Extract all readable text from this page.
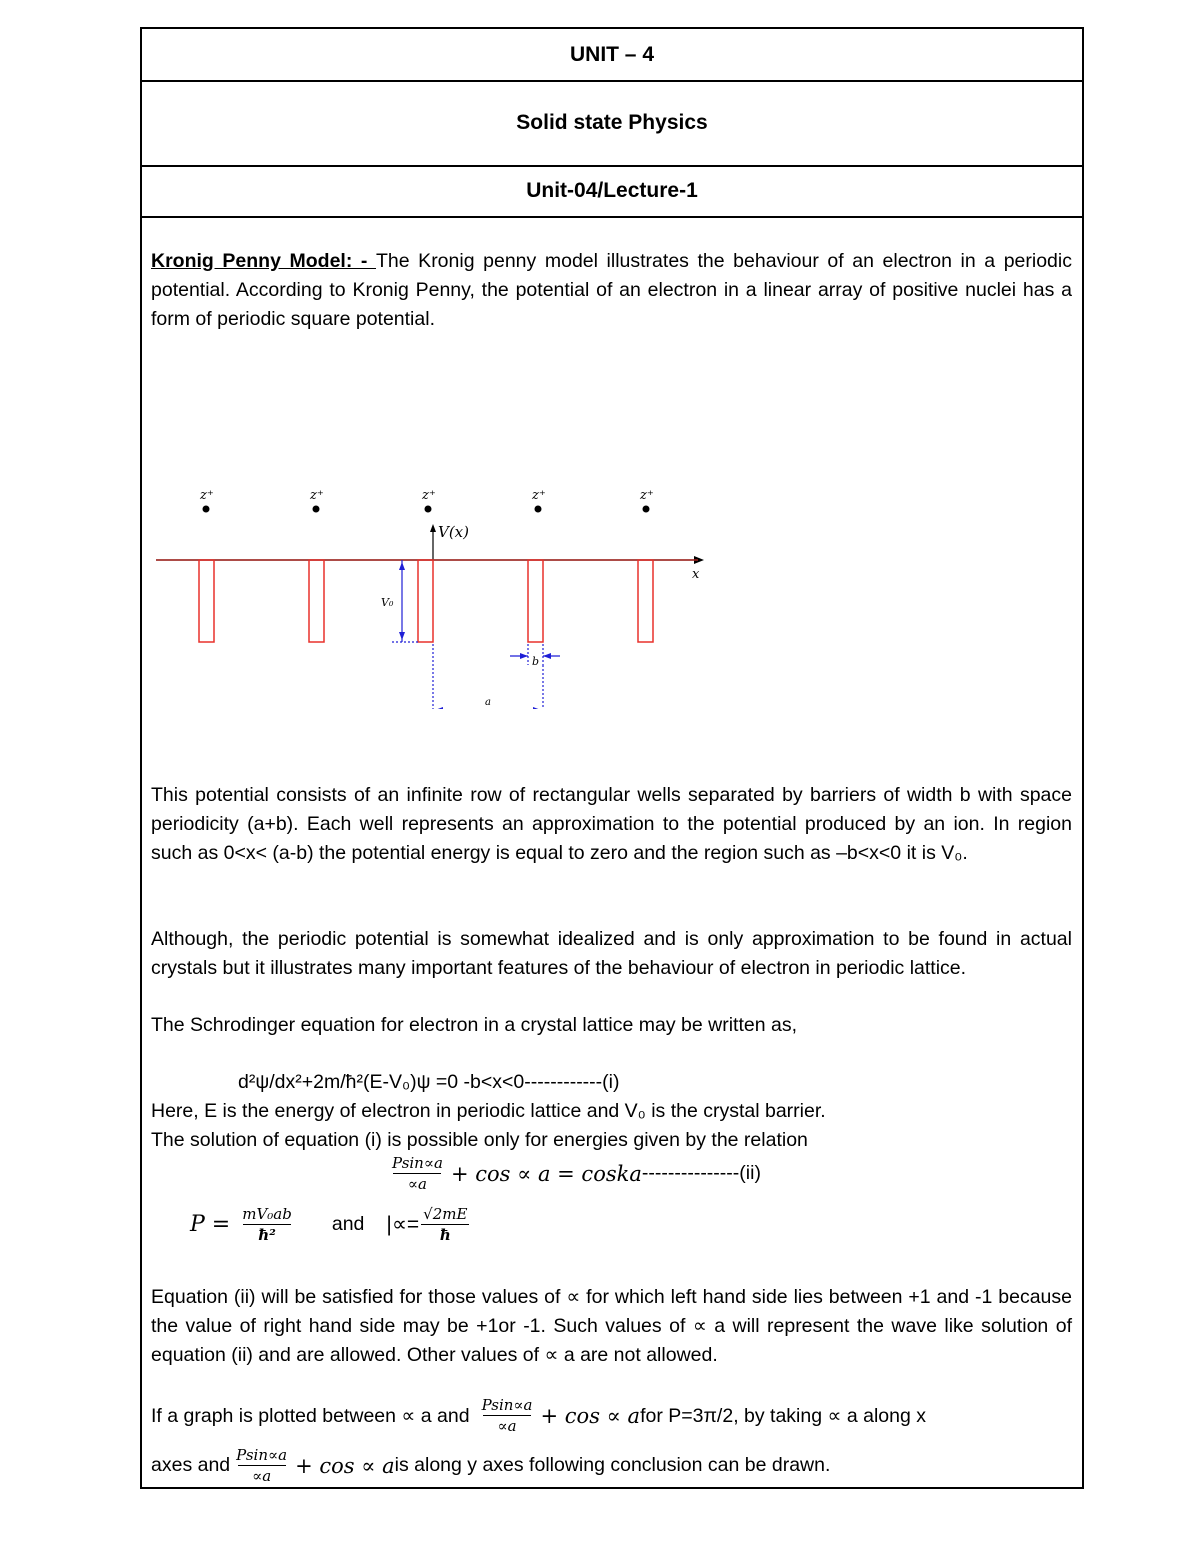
UNIT – 4
Solid state Physics
Unit-04/Lecture-1
Kronig Penny Model: - The Kronig penny model illustrates the behaviour of an electron in a periodic potential. According to Kronig Penny, the potential of an electron in a linear array of positive nuclei has a form of periodic square potential.
z⁺	z⁺	z⁺	z⁺	z⁺
x
V(x)
V₀
b
a
This potential consists of an infinite row of rectangular wells separated by barriers of width b with space periodicity (a+b). Each well represents an approximation to the potential produced by an ion. In region such as 0<x< (a-b) the potential energy is equal to zero and the region such as –b<x<0 it is V₀.
Although, the periodic potential is somewhat idealized and is only approximation to be found in actual crystals but it illustrates many important features of the behaviour of electron in periodic lattice.
The Schrodinger equation for electron in a crystal lattice may be written as,
d²ψ/dx²+2m/ħ²(E-V₀)ψ =0 -b<x<0------------(i)
Here, E is the energy of electron in periodic lattice and V₀ is the crystal barrier.
The solution of equation (i) is possible only for energies given by the relation
$\frac{Psin\propto a}{\propto a} + \cos \propto a$ = coska ---------------(ii)
$P = \frac{\text{mV₀ab}}{\text{ħ²}}$ and |∝= $\frac{√2mE}{ħ}$
Equation (ii) will be satisfied for those values of ∝ for which left hand side lies between +1 and -1 because the value of right hand side may be +1or -1. Such values of ∝ a will represent the wave like solution of equation (ii) and are allowed. Other values of ∝ a are not allowed.
If a graph is plotted between ∝ a and $\frac{Psin\propto a}{\propto a} + \cos \propto a$ for P=3π/2, by taking ∝ a along x
axes and $\frac{Psin\propto a}{\propto a} + \cos \propto a$ is along y axes following conclusion can be drawn.
